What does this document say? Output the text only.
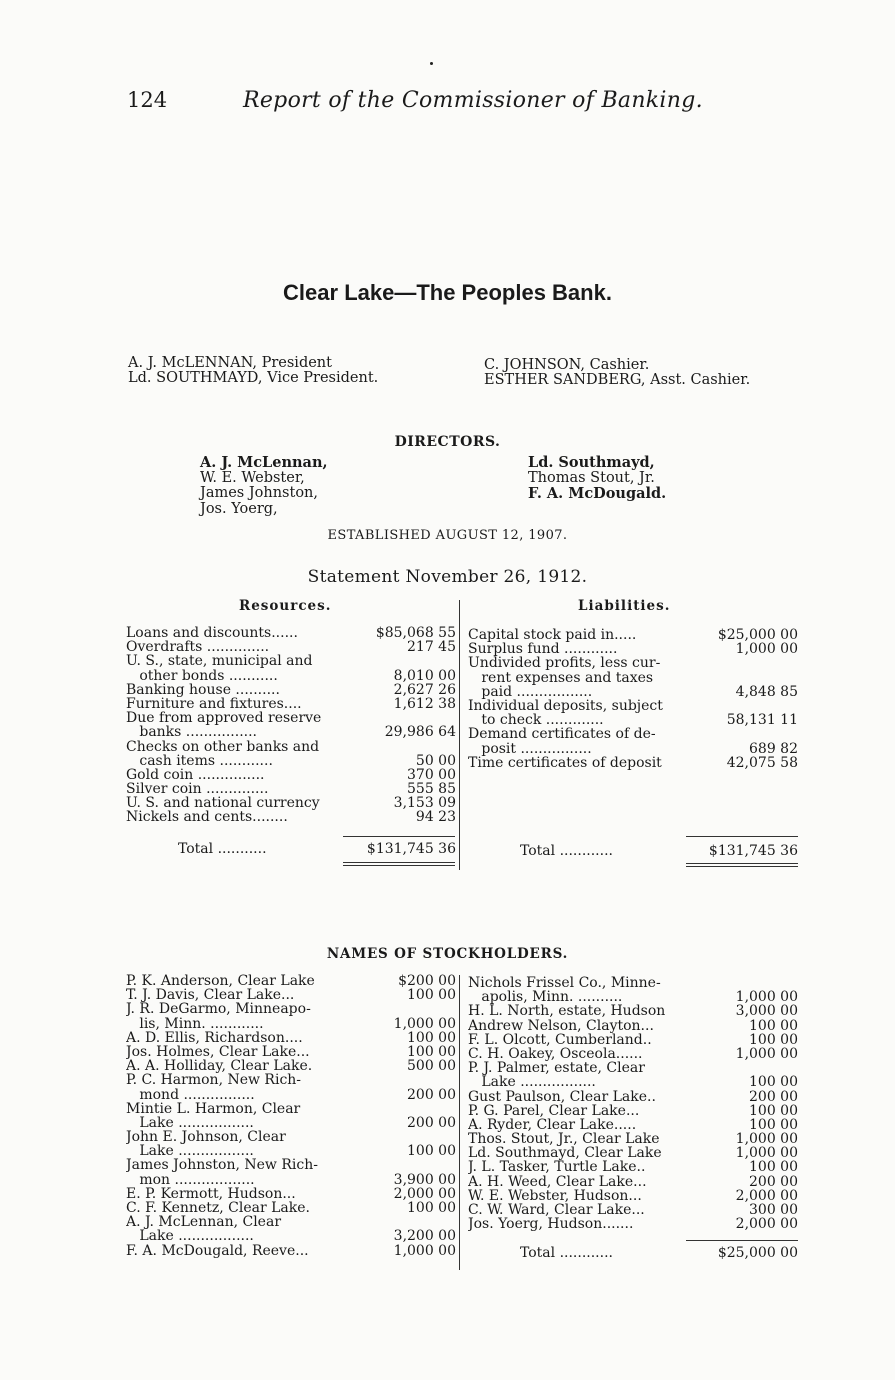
124	Report of the Commissioner of Banking.
Clear Lake—The Peoples Bank.
A. J. McLENNAN, President
Ld. SOUTHMAYD, Vice President.
C. JOHNSON, Cashier.
ESTHER SANDBERG, Asst. Cashier.
DIRECTORS.
A. J. McLennan,
W. E. Webster,
James Johnston,
Jos. Yoerg,
Ld. Southmayd,
Thomas Stout, Jr.
F. A. McDougald.
ESTABLISHED AUGUST 12, 1907.
Statement November 26, 1912.
Resources.	Liabilities.
Loans and discounts......	$85,068 55
Overdrafts ..............	217 45
U. S., state, municipal and
other bonds ...........	8,010 00
Banking house ..........	2,627 26
Furniture and fixtures....	1,612 38
Due from approved reserve
banks ................	29,986 64
Checks on other banks and
cash items ............	50 00
Gold coin ...............	370 00
Silver coin ..............	555 85
U. S. and national currency	3,153 09
Nickels and cents........	94 23
Capital stock paid in.....	$25,000 00
Surplus fund ............	1,000 00
Undivided profits, less cur-
rent expenses and taxes
paid .................	4,848 85
Individual deposits, subject
to check .............	58,131 11
Demand certificates of de-
posit ................	689 82
Time certificates of deposit	42,075 58
Total ...........	$131,745 36	Total ............	$131,745 36
NAMES OF STOCKHOLDERS.
P. K. Anderson, Clear Lake	$200 00
T. J. Davis, Clear Lake...	100 00
J. R. DeGarmo, Minneapo-
lis, Minn. ............	1,000 00
A. D. Ellis, Richardson....	100 00
Jos. Holmes, Clear Lake...	100 00
A. A. Holliday, Clear Lake.	500 00
P. C. Harmon, New Rich-
mond ................	200 00
Mintie L. Harmon, Clear
Lake .................	200 00
John E. Johnson, Clear
Lake .................	100 00
James Johnston, New Rich-
mon ..................	3,900 00
E. P. Kermott, Hudson...	2,000 00
C. F. Kennetz, Clear Lake.	100 00
A. J. McLennan, Clear
Lake .................	3,200 00
F. A. McDougald, Reeve...	1,000 00
Nichols Frissel Co., Minne-
apolis, Minn. ..........	1,000 00
H. L. North, estate, Hudson	3,000 00
Andrew Nelson, Clayton...	100 00
F. L. Olcott, Cumberland..	100 00
C. H. Oakey, Osceola......	1,000 00
P. J. Palmer, estate, Clear
Lake .................	100 00
Gust Paulson, Clear Lake..	200 00
P. G. Parel, Clear Lake...	100 00
A. Ryder, Clear Lake.....	100 00
Thos. Stout, Jr., Clear Lake	1,000 00
Ld. Southmayd, Clear Lake	1,000 00
J. L. Tasker, Turtle Lake..	100 00
A. H. Weed, Clear Lake...	200 00
W. E. Webster, Hudson...	2,000 00
C. W. Ward, Clear Lake...	300 00
Jos. Yoerg, Hudson.......	2,000 00
Total ............	$25,000 00
